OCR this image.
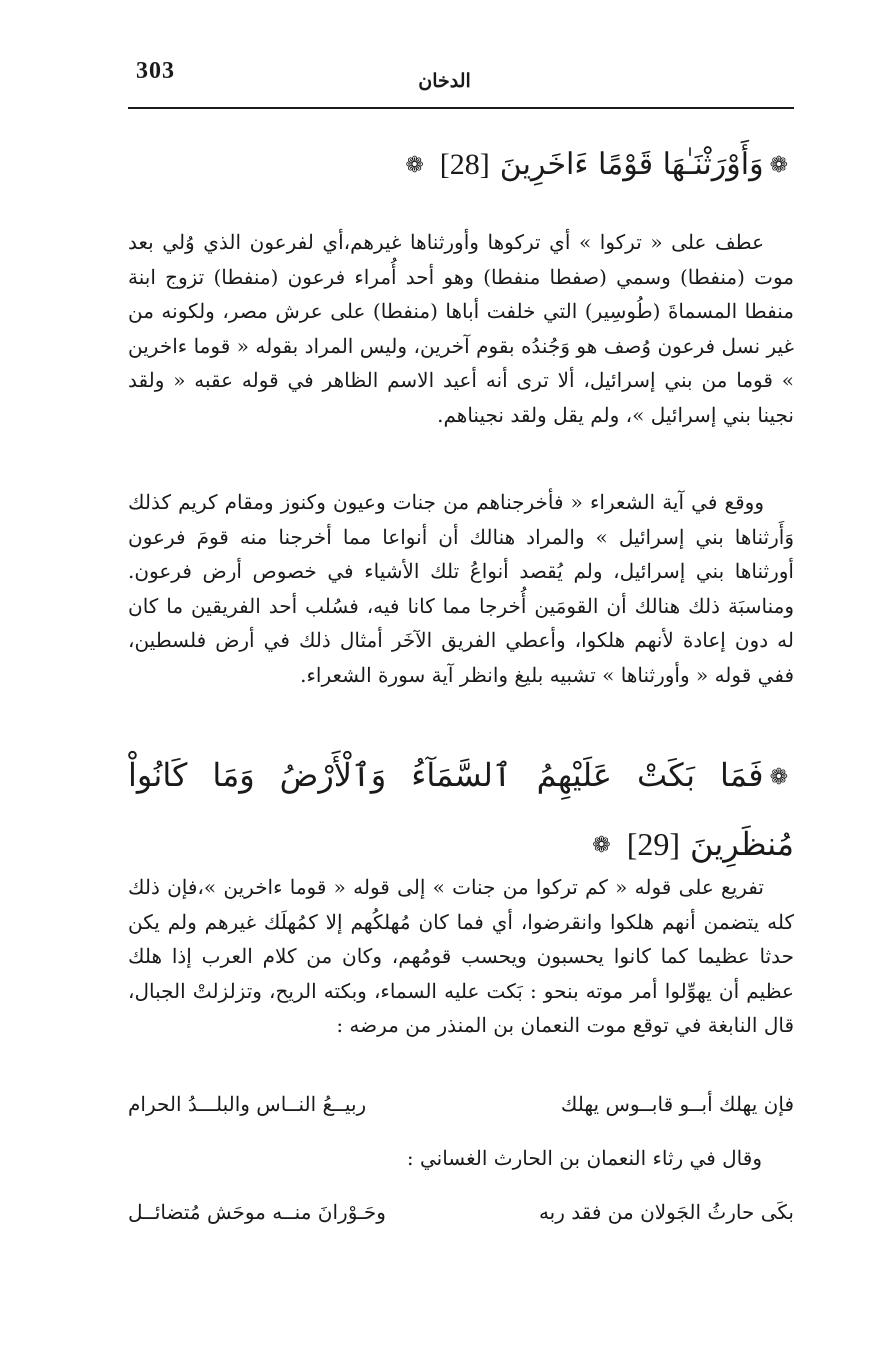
303	الدخان
❁وَأَوْرَثْنَـٰهَا قَوْمًا ءَاخَرِينَ[28]❁

عطف على « تركوا » أي تركوها وأورثناها غيرهم،أي لفرعون الذي وُلي بعد موت (منفطا) وسمي (صفطا منفطا) وهو أحد أُمراء فرعون (منفطا) تزوج ابنة منفطا المسماةَ (طُوسِير) التي خلفت أباها (منفطا) على عرش مصر، ولكونه من غير نسل فرعون وُصف هو وَجُندُه بقوم آخرين، وليس المراد بقوله « قوما ءاخرين » قوما من بني إسرائيل، ألا ترى أنه أعيد الاسم الظاهر في قوله عقبه « ولقد نجينا بني إسرائيل »، ولم يقل ولقد نجيناهم.

ووقع في آية الشعراء « فأخرجناهم من جنات وعيون وكنوز ومقام كريم كذلك وَأَرثناها بني إسرائيل » والمراد هنالك أن أنواعا مما أخرجنا منه قومَ فرعون أورثناها بني إسرائيل، ولم يُقصد أنواعُ تلك الأشياء في خصوص أرض فرعون. ومناسبَة ذلك هنالك أن القومَين أُخرجا مما كانا فيه، فسُلب أحد الفريقين ما كان له دون إعادة لأنهم هلكوا، وأعطي الفريق الآخَر أمثال ذلك في أرض فلسطين، ففي قوله « وأورثناها » تشبيه بليغ وانظر آية سورة الشعراء.

❁فَمَا بَكَتْ عَلَيْهِمُ ٱلسَّمَآءُ وَٱلْأَرْضُ وَمَا كَانُواْ
مُنظَرِينَ[29]❁

تفريع على قوله « كم تركوا من جنات » إلى قوله « قوما ءاخرين »،فإن ذلك كله يتضمن أنهم هلكوا وانقرضوا، أي فما كان مُهلكُهم إلا كمُهلَك غيرهم ولم يكن حدثا عظيما كما كانوا يحسبون ويحسب قومُهم، وكان من كلام العرب إذا هلك عظيم أن يهوِّلوا أمر موته بنحو : بَكت عليه السماء، وبكته الريح، وتزلزلتْ الجبال، قال النابغة في توقع موت النعمان بن المنذر من مرضه :

فإن يهلك أبــو قابــوس يهلك
ربيــعُ النــاس والبلـــدُ الحرام
وقال في رثاء النعمان بن الحارث الغساني :
بكَى حارثُ الجَولان من فقد ربه
وحَـوْرانَ منــه موحَش مُتضائــل
